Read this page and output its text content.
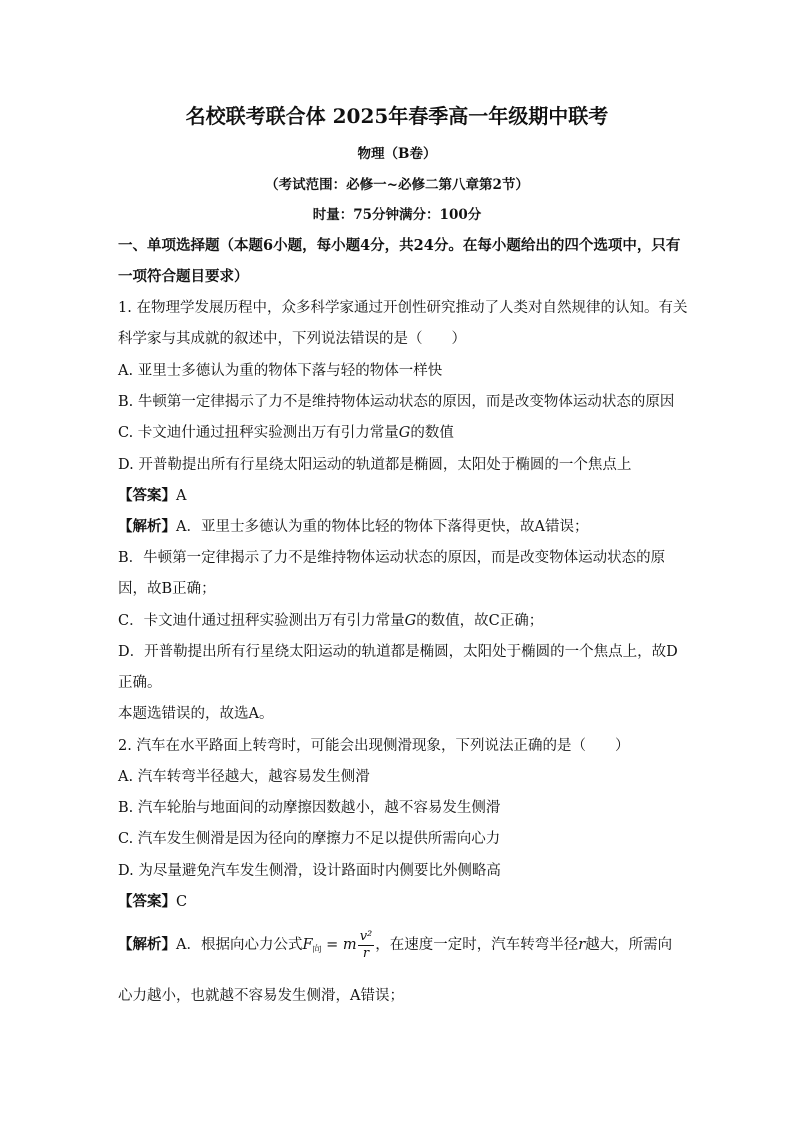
名校联考联合体 2025年春季高一年级期中联考
物理（B卷）
（考试范围：必修一~必修二第八章第2节）
时量：75分钟满分：100分
一、单项选择题（本题6小题，每小题4分，共24分。在每小题给出的四个选项中，只有
一项符合题目要求）
1. 在物理学发展历程中，众多科学家通过开创性研究推动了人类对自然规律的认知。有关
科学家与其成就的叙述中，下列说法错误的是（　　）
A. 亚里士多德认为重的物体下落与轻的物体一样快
B. 牛顿第一定律揭示了力不是维持物体运动状态的原因，而是改变物体运动状态的原因
C. 卡文迪什通过扭秤实验测出万有引力常量G的数值
D. 开普勒提出所有行星绕太阳运动的轨道都是椭圆，太阳处于椭圆的一个焦点上
【答案】A
【解析】A．亚里士多德认为重的物体比轻的物体下落得更快，故A错误；
B．牛顿第一定律揭示了力不是维持物体运动状态的原因，而是改变物体运动状态的原
因，故B正确；
C．卡文迪什通过扭秤实验测出万有引力常量G的数值，故C正确；
D．开普勒提出所有行星绕太阳运动的轨道都是椭圆，太阳处于椭圆的一个焦点上，故D
正确。
本题选错误的，故选A。
2. 汽车在水平路面上转弯时，可能会出现侧滑现象，下列说法正确的是（　　）
A. 汽车转弯半径越大，越容易发生侧滑
B. 汽车轮胎与地面间的动摩擦因数越小，越不容易发生侧滑
C. 汽车发生侧滑是因为径向的摩擦力不足以提供所需向心力
D. 为尽量避免汽车发生侧滑，设计路面时内侧要比外侧略高
【答案】C
【解析】A．根据向心力公式$F_向 = m \frac{\text{v²}}{r}$ ，在速度一定时，汽车转弯半径r越大，所需向
心力越小，也就越不容易发生侧滑，A错误；
